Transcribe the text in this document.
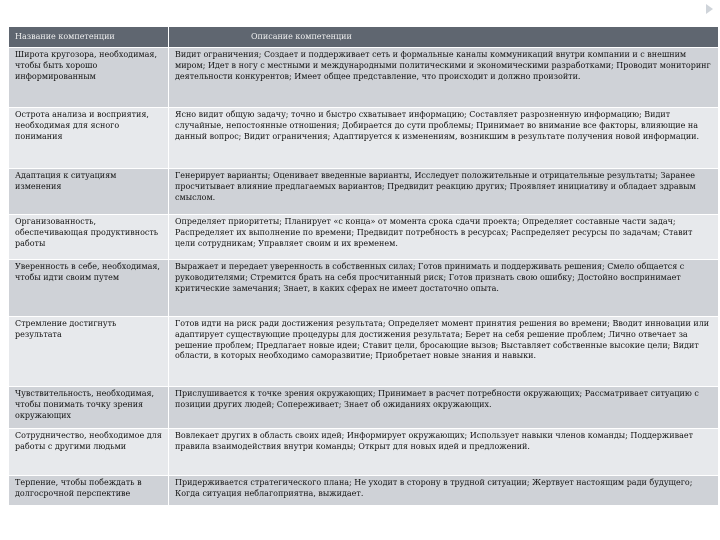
Название компетенции	Описание компетенции
Широта кругозора, необходимая, чтобы быть хорошо информированным	Видит ограничения; Создает и поддерживает сеть и формальные каналы коммуникаций внутри компании и с внешним миром; Идет в ногу с местными и международными политическими и экономическими разработками; Проводит мониторинг деятельности конкурентов; Имеет общее представление, что происходит и должно произойти.
Острота анализа и восприятия, необходимая для ясного понимания	Ясно видит общую задачу; точно и быстро схватывает информацию; Составляет разрозненную информацию; Видит случайные, непостоянные отношения; Добирается до сути проблемы; Принимает во внимание все факторы, влияющие на данный вопрос; Видит ограничения; Адаптируется к изменениям, возникшим в результате получения новой информации.
Адаптация к ситуациям изменения	Генерирует варианты; Оценивает введенные варианты, Исследует положительные и отрицательные результаты; Заранее просчитывает влияние предлагаемых вариантов; Предвидит реакцию других; Проявляет инициативу и обладает здравым смыслом.
Организованность, обеспечивающая продуктивность работы	Определяет приоритеты; Планирует «с конца» от момента срока сдачи проекта; Определяет составные части задач; Распределяет их выполнение по времени; Предвидит потребность в ресурсах; Распределяет ресурсы по задачам; Ставит цели сотрудникам; Управляет своим и их временем.
Уверенность в себе, необходимая, чтобы идти своим путем	Выражает и передает уверенность в собственных силах; Готов принимать и поддерживать решения; Смело общается с руководителями; Стремится брать на себя просчитанный риск; Готов признать свою ошибку; Достойно воспринимает критические замечания; Знает, в каких сферах не имеет достаточно опыта.
Стремление достигнуть результата	Готов идти на риск ради достижения результата; Определяет момент принятия решения во времени; Вводит инновации или адаптирует существующие процедуры для достижения результата; Берет на себя решение проблем; Лично отвечает за решение проблем; Предлагает новые идеи; Ставит цели, бросающие вызов; Выставляет собственные высокие цели; Видит области, в которых необходимо саморазвитие; Приобретает новые знания и навыки.
Чувствительность, необходимая, чтобы понимать точку зрения окружающих	Прислушивается к точке зрения окружающих; Принимает в расчет потребности окружающих; Рассматривает ситуацию с позиции других людей; Сопереживает; Знает об ожиданиях окружающих.
Сотрудничество, необходимое для работы с другими людьми	Вовлекает других в область своих идей; Информирует окружающих; Использует навыки членов команды; Поддерживает правила взаимодействия внутри команды; Открыт для новых идей и предложений.
Терпение, чтобы побеждать в долгосрочной перспективе	Придерживается стратегического плана; Не уходит в сторону в трудной ситуации; Жертвует настоящим ради будущего; Когда ситуация неблагоприятна, выжидает.
